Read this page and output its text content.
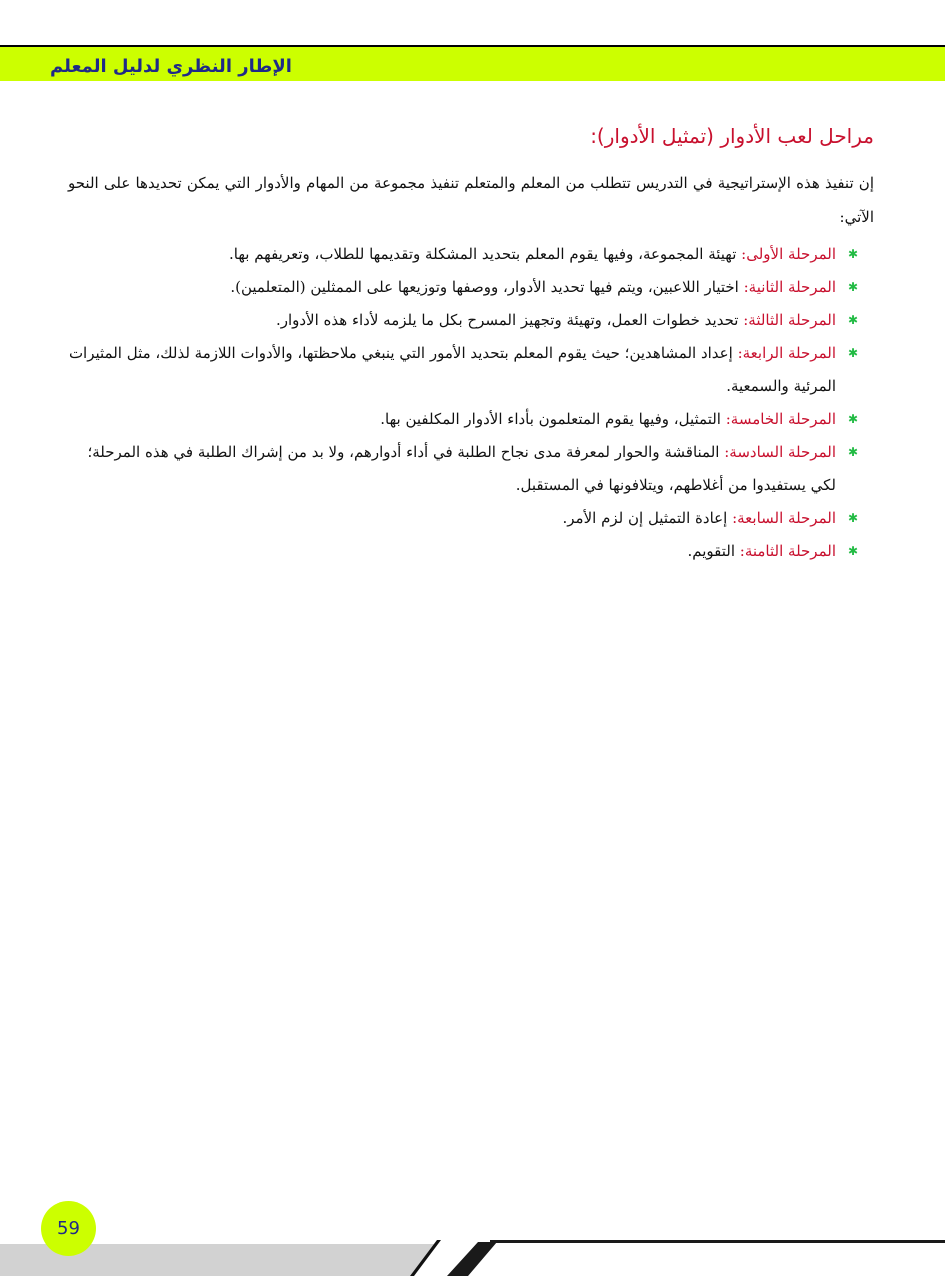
الإطار النظري لدليل المعلم
مراحل لعب الأدوار (تمثيل الأدوار):

إن تنفيذ هذه الإستراتيجية في التدريس تتطلب من المعلم والمتعلم تنفيذ مجموعة من المهام والأدوار التي يمكن تحديدها على النحو الآتي:

✱
المرحلة الأولى: تهيئة المجموعة، وفيها يقوم المعلم بتحديد المشكلة وتقديمها للطلاب، وتعريفهم بها.
✱
المرحلة الثانية: اختيار اللاعبين، ويتم فيها تحديد الأدوار، ووصفها وتوزيعها على الممثلين (المتعلمين).
✱
المرحلة الثالثة: تحديد خطوات العمل، وتهيئة وتجهيز المسرح بكل ما يلزمه لأداء هذه الأدوار.
✱
المرحلة الرابعة: إعداد المشاهدين؛ حيث يقوم المعلم بتحديد الأمور التي ينبغي ملاحظتها، والأدوات اللازمة لذلك، مثل المثيرات المرئية والسمعية.
✱
المرحلة الخامسة: التمثيل، وفيها يقوم المتعلمون بأداء الأدوار المكلفين بها.
✱
المرحلة السادسة: المناقشة والحوار لمعرفة مدى نجاح الطلبة في أداء أدوارهم، ولا بد من إشراك الطلبة في هذه المرحلة؛ لكي يستفيدوا من أغلاطهم، ويتلافونها في المستقبل.
✱
المرحلة السابعة: إعادة التمثيل إن لزم الأمر.
✱
المرحلة الثامنة: التقويم.
59
